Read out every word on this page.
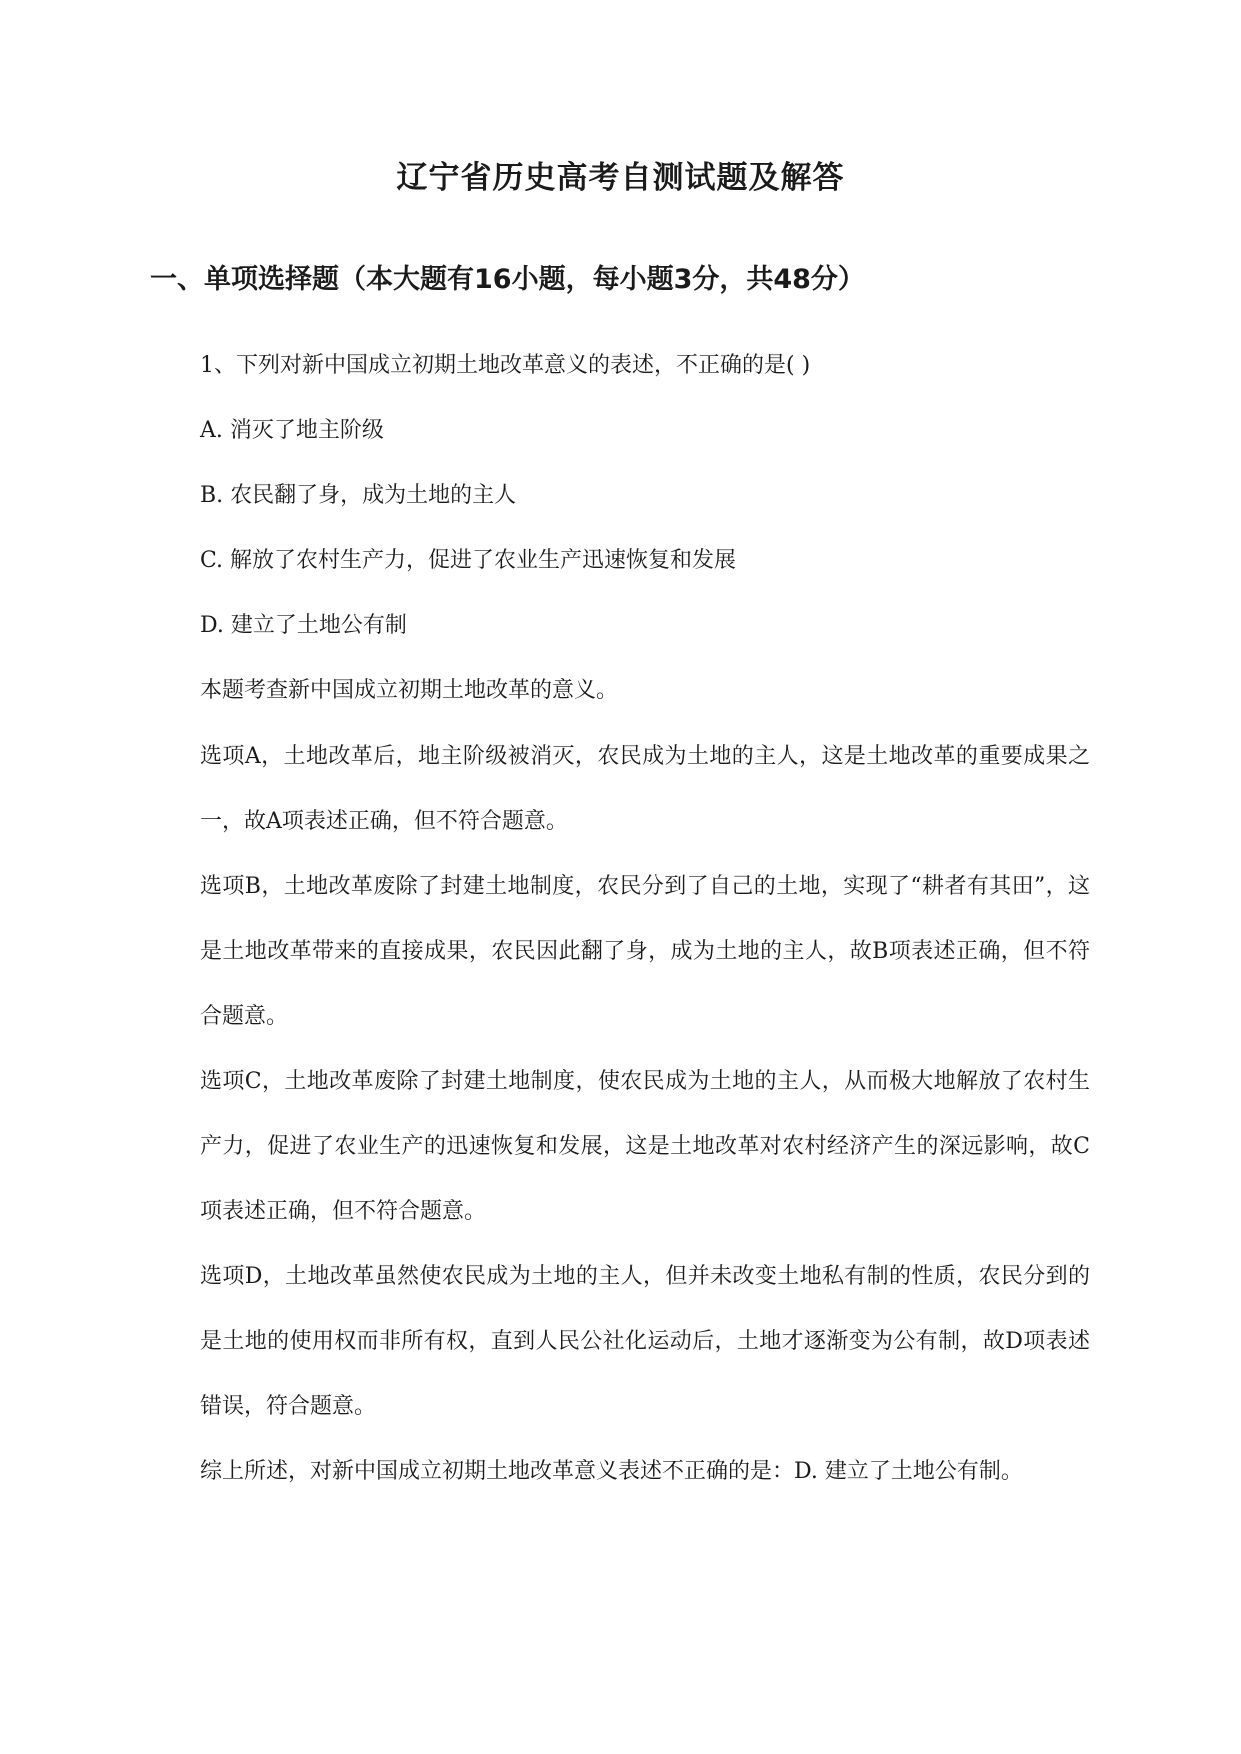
辽宁省历史高考自测试题及解答
一、单项选择题（本大题有16小题，每小题3分，共48分）

1、下列对新中国成立初期土地改革意义的表述，不正确的是( )

A. 消灭了地主阶级

B. 农民翻了身，成为土地的主人

C. 解放了农村生产力，促进了农业生产迅速恢复和发展

D. 建立了土地公有制

本题考查新中国成立初期土地改革的意义。

选项A，土地改革后，地主阶级被消灭，农民成为土地的主人，这是土地改革的重要成果之一，故A项表述正确，但不符合题意。

选项B，土地改革废除了封建土地制度，农民分到了自己的土地，实现了“耕者有其田”，这是土地改革带来的直接成果，农民因此翻了身，成为土地的主人，故B项表述正确，但不符合题意。

选项C，土地改革废除了封建土地制度，使农民成为土地的主人，从而极大地解放了农村生产力，促进了农业生产的迅速恢复和发展，这是土地改革对农村经济产生的深远影响，故C项表述正确，但不符合题意。

选项D，土地改革虽然使农民成为土地的主人，但并未改变土地私有制的性质，农民分到的是土地的使用权而非所有权，直到人民公社化运动后，土地才逐渐变为公有制，故D项表述错误，符合题意。

综上所述，对新中国成立初期土地改革意义表述不正确的是：D. 建立了土地公有制。
